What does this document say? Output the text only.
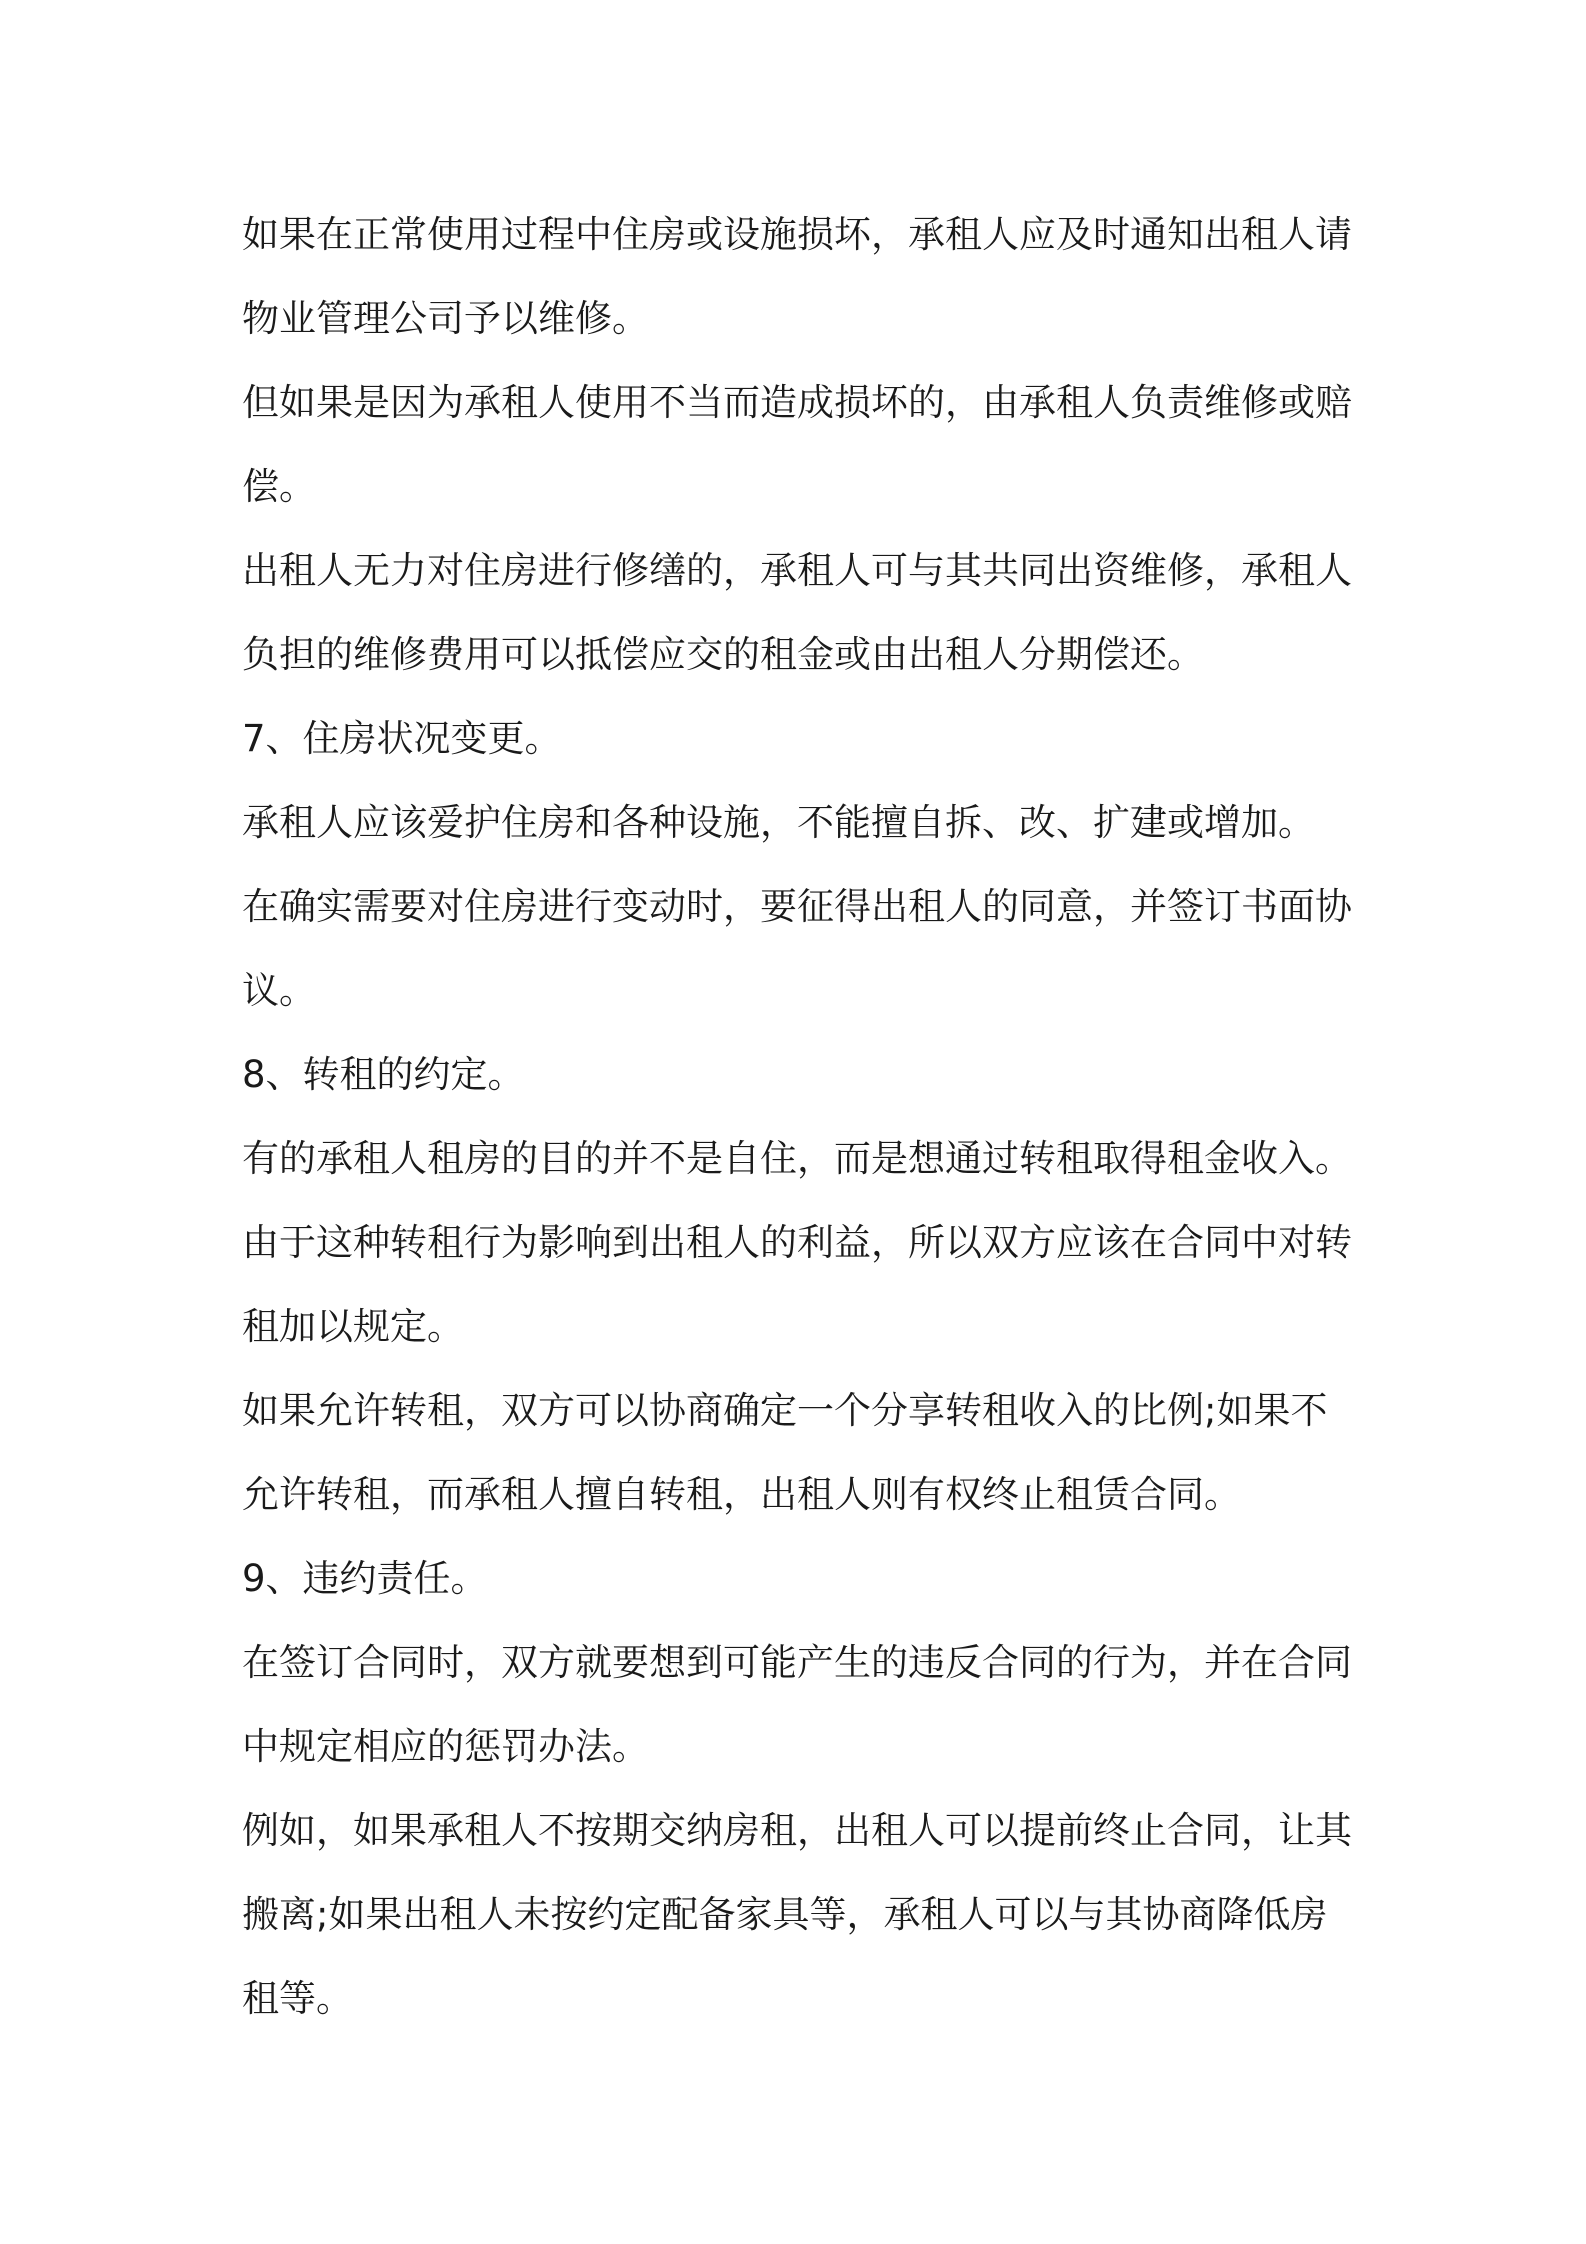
如果在正常使用过程中住房或设施损坏，承租人应及时通知出租人请
物业管理公司予以维修。

但如果是因为承租人使用不当而造成损坏的，由承租人负责维修或赔
偿。

出租人无力对住房进行修缮的，承租人可与其共同出资维修，承租人
负担的维修费用可以抵偿应交的租金或由出租人分期偿还。

7、住房状况变更。

承租人应该爱护住房和各种设施，不能擅自拆、改、扩建或增加。

在确实需要对住房进行变动时，要征得出租人的同意，并签订书面协
议。

8、转租的约定。

有的承租人租房的目的并不是自住，而是想通过转租取得租金收入。

由于这种转租行为影响到出租人的利益，所以双方应该在合同中对转
租加以规定。

如果允许转租，双方可以协商确定一个分享转租收入的比例;如果不
允许转租，而承租人擅自转租，出租人则有权终止租赁合同。

9、违约责任。

在签订合同时，双方就要想到可能产生的违反合同的行为，并在合同
中规定相应的惩罚办法。

例如，如果承租人不按期交纳房租，出租人可以提前终止合同，让其
搬离;如果出租人未按约定配备家具等，承租人可以与其协商降低房
租等。
